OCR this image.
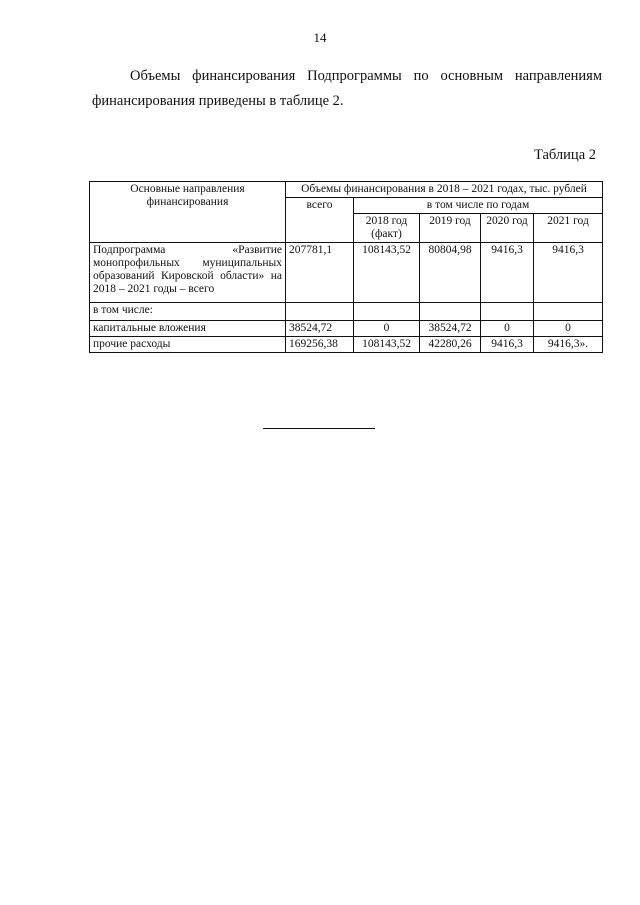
14

Объемы финансирования Подпрограммы по основным направлениям
финансирования приведены в таблице 2.

Таблица 2
Основные направления финансирования	Объемы финансирования в 2018 – 2021 годах, тыс. рублей				
	всего	в том числе по годам			
		2018 год (факт)	2019 год	2020 год	2021 год
Подпрограмма «Развитие монопрофильных муниципальных образований Кировской области» на 2018 – 2021 годы – всего	207781,1	108143,52	80804,98	9416,3	9416,3
в том числе:					
капитальные вложения	38524,72	0	38524,72	0	0
прочие расходы	169256,38	108143,52	42280,26	9416,3	9416,3».
